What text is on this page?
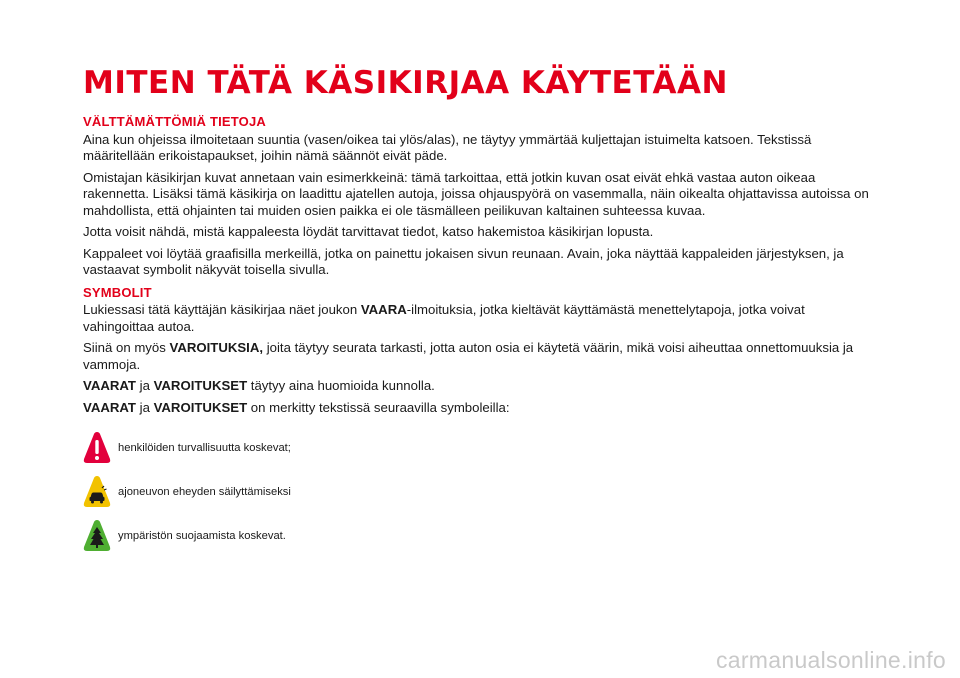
MITEN TÄTÄ KÄSIKIRJAA KÄYTETÄÄN
VÄLTTÄMÄTTÖMIÄ TIETOJA

Aina kun ohjeissa ilmoitetaan suuntia (vasen/oikea tai ylös/alas), ne täytyy ymmärtää kuljettajan istuimelta katsoen. Tekstissä määritellään erikoistapaukset, joihin nämä säännöt eivät päde.

Omistajan käsikirjan kuvat annetaan vain esimerkkeinä: tämä tarkoittaa, että jotkin kuvan osat eivät ehkä vastaa auton oikeaa rakennetta. Lisäksi tämä käsikirja on laadittu ajatellen autoja, joissa ohjauspyörä on vasemmalla, näin oikealta ohjattavissa autoissa on mahdollista, että ohjainten tai muiden osien paikka ei ole täsmälleen peilikuvan kaltainen suhteessa kuvaa.

Jotta voisit nähdä, mistä kappaleesta löydät tarvittavat tiedot, katso hakemistoa käsikirjan lopusta.

Kappaleet voi löytää graafisilla merkeillä, jotka on painettu jokaisen sivun reunaan. Avain, joka näyttää kappaleiden järjestyksen, ja vastaavat symbolit näkyvät toisella sivulla.

SYMBOLIT

Lukiessasi tätä käyttäjän käsikirjaa näet joukon VAARA-ilmoituksia, jotka kieltävät käyttämästä menettelytapoja, jotka voivat vahingoittaa autoa.

Siinä on myös VAROITUKSIA, joita täytyy seurata tarkasti, jotta auton osia ei käytetä väärin, mikä voisi aiheuttaa onnettomuuksia ja vammoja.

VAARAT ja VAROITUKSET täytyy aina huomioida kunnolla.

VAARAT ja VAROITUKSET on merkitty tekstissä seuraavilla symboleilla:

henkilöiden turvallisuutta koskevat;
ajoneuvon eheyden säilyttämiseksi
ympäristön suojaamista koskevat.
carmanualsonline.info
